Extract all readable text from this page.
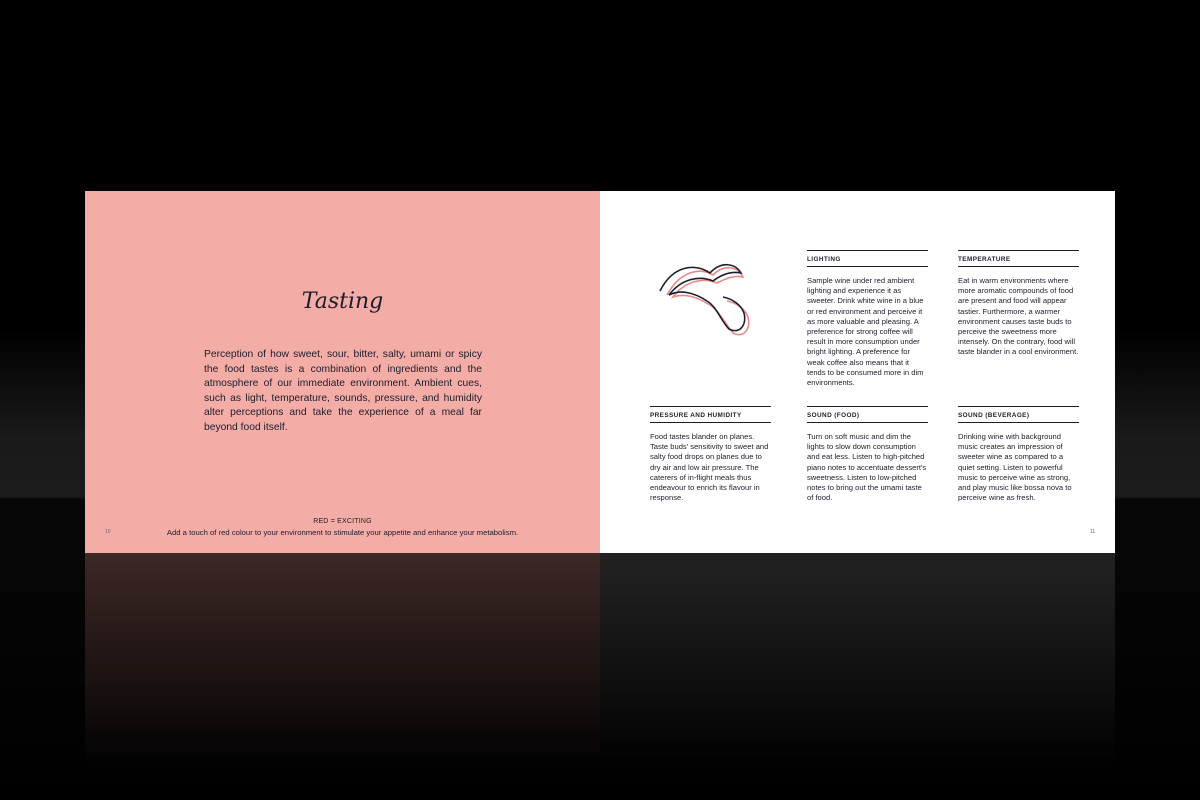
Tasting
Perception of how sweet, sour, bitter, salty, umami or spicy the food tastes is a combination of ingredients and the atmosphere of our immediate environment. Ambient cues, such as light, temperature, sounds, pressure, and humidity alter perceptions and take the experience of a meal far beyond food itself.
RED = EXCITING
Add a touch of red colour to your environment to stimulate your appetite and enhance your metabolism.
10
LIGHTING
Sample wine under red ambient lighting and experience it as sweeter. Drink white wine in a blue or red environment and perceive it as more valuable and pleasing. A preference for strong coffee will result in more consumption under bright lighting. A preference for weak coffee also means that it tends to be consumed more in dim environments.
TEMPERATURE
Eat in warm environments where more aromatic compounds of food are present and food will appear tastier. Furthermore, a warmer environment causes taste buds to perceive the sweetness more intensely. On the contrary, food will taste blander in a cool environment.
PRESSURE AND HUMIDITY
Food tastes blander on planes. Taste buds' sensitivity to sweet and salty food drops on planes due to dry air and low air pressure. The caterers of in-flight meals thus endeavour to enrich its flavour in response.
SOUND (FOOD)
Turn on soft music and dim the lights to slow down consumption and eat less. Listen to high-pitched piano notes to accentuate dessert's sweetness. Listen to low-pitched notes to bring out the umami taste of food.
SOUND (BEVERAGE)
Drinking wine with background music creates an impression of sweeter wine as compared to a quiet setting. Listen to powerful music to perceive wine as strong, and play music like bossa nova to perceive wine as fresh.
11
